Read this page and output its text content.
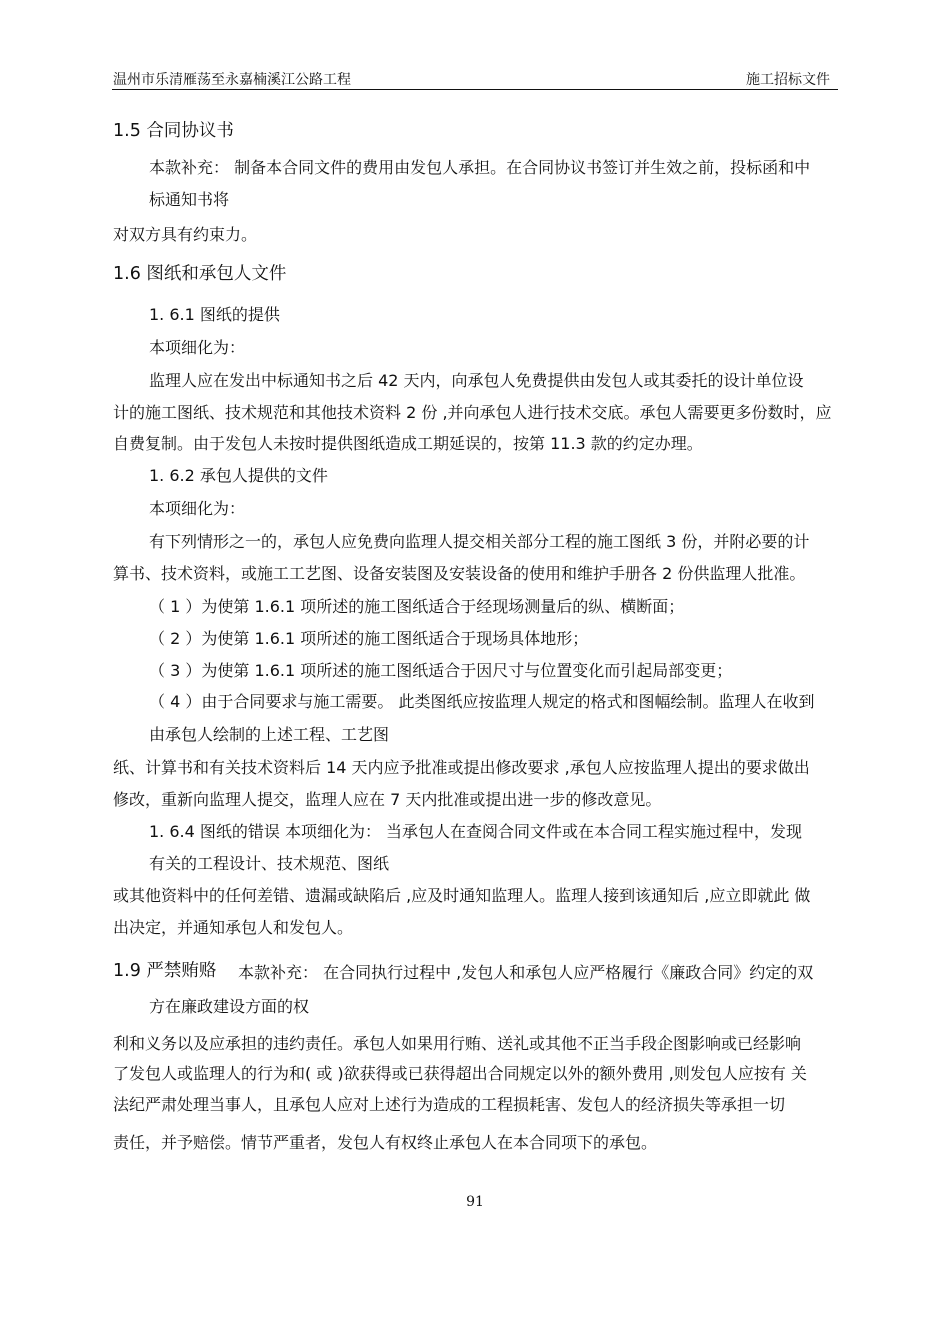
温州市乐清雁荡至永嘉楠溪江公路工程	施工招标文件
1.5 合同协议书
本款补充： 制备本合同文件的费用由发包人承担。在合同协议书签订并生效之前，投标函和中
标通知书将
对双方具有约束力。
1.6 图纸和承包人文件
1. 6.1 图纸的提供
本项细化为：
监理人应在发出中标通知书之后 42 天内，向承包人免费提供由发包人或其委托的设计单位设
计的施工图纸、技术规范和其他技术资料 2 份 ,并向承包人进行技术交底。承包人需要更多份数时，应
自费复制。由于发包人未按时提供图纸造成工期延误的，按第 11.3 款的约定办理。
1. 6.2 承包人提供的文件
本项细化为：
有下列情形之一的，承包人应免费向监理人提交相关部分工程的施工图纸 3 份，并附必要的计
算书、技术资料，或施工工艺图、设备安装图及安装设备的使用和维护手册各 2 份供监理人批准。
（ 1 ）为使第 1.6.1 项所述的施工图纸适合于经现场测量后的纵、横断面；
（ 2 ）为使第 1.6.1 项所述的施工图纸适合于现场具体地形；
（ 3 ）为使第 1.6.1 项所述的施工图纸适合于因尺寸与位置变化而引起局部变更；
（ 4 ）由于合同要求与施工需要。 此类图纸应按监理人规定的格式和图幅绘制。监理人在收到
由承包人绘制的上述工程、工艺图
纸、计算书和有关技术资料后 14 天内应予批准或提出修改要求 ,承包人应按监理人提出的要求做出
修改，重新向监理人提交，监理人应在 7 天内批准或提出进一步的修改意见。
1. 6.4 图纸的错误 本项细化为： 当承包人在查阅合同文件或在本合同工程实施过程中，发现
有关的工程设计、技术规范、图纸
或其他资料中的任何差错、遗漏或缺陷后 ,应及时通知监理人。监理人接到该通知后 ,应立即就此 做
出决定，并通知承包人和发包人。
1.9 严禁贿赂 本款补充： 在合同执行过程中 ,发包人和承包人应严格履行《廉政合同》约定的双
方在廉政建设方面的权
利和义务以及应承担的违约责任。承包人如果用行贿、送礼或其他不正当手段企图影响或已经影响
了发包人或监理人的行为和( 或 )欲获得或已获得超出合同规定以外的额外费用 ,则发包人应按有 关
法纪严肃处理当事人，且承包人应对上述行为造成的工程损耗害、发包人的经济损失等承担一切
责任，并予赔偿。情节严重者，发包人有权终止承包人在本合同项下的承包。
91
